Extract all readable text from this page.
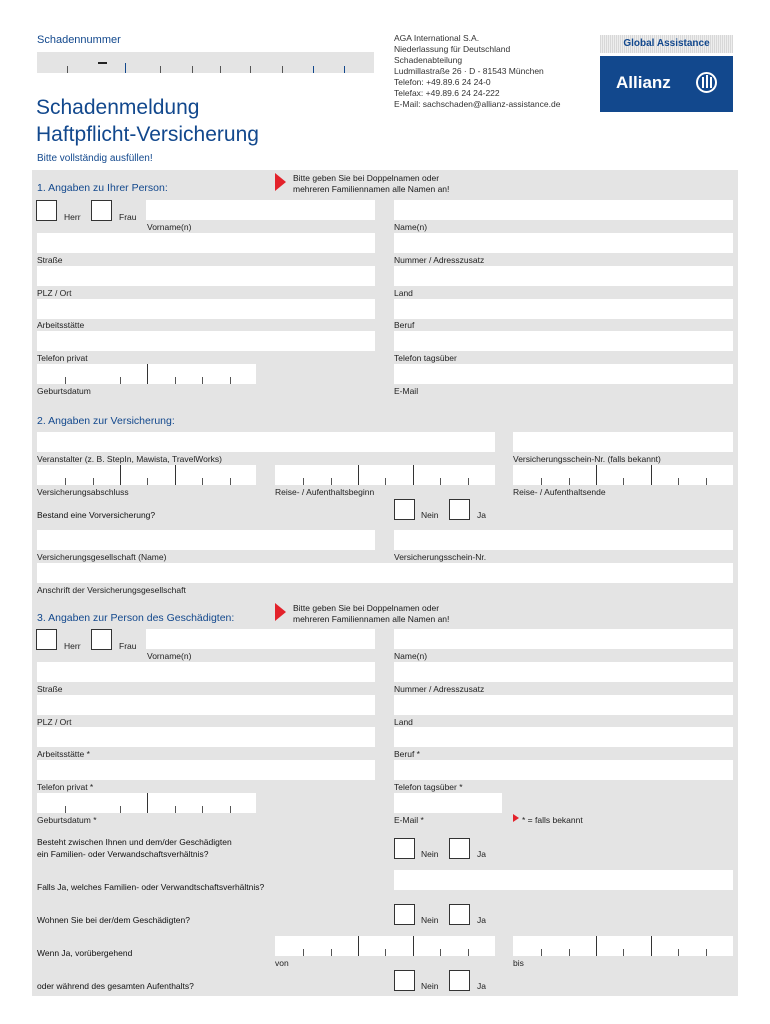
Schadennummer
Schadenmeldung
Haftpflicht-Versicherung
Bitte vollständig ausfüllen!
AGA International S.A.
Niederlassung für Deutschland
Schadenabteilung
Ludmillastraße 26 · D - 81543 München
Telefon: +49.89.6 24 24-0
Telefax: +49.89.6 24 24-222
E-Mail: sachschaden@allianz-assistance.de
Global Assistance
Allianz
1. Angaben zu Ihrer Person:
Bitte geben Sie bei Doppelnamen oder
mehreren Familiennamen alle Namen an!
Herr	Frau
Vorname(n)	Name(n)
Straße	Nummer / Adresszusatz
PLZ / Ort	Land
Arbeitsstätte	Beruf
Telefon privat	Telefon tagsüber
Geburtsdatum	E-Mail
2. Angaben zur Versicherung:
Veranstalter (z. B. StepIn, Mawista, TravelWorks)	Versicherungsschein-Nr. (falls bekannt)
Versicherungsabschluss	Reise- / Aufenthaltsbeginn	Reise- / Aufenthaltsende
Bestand eine Vorversicherung?	Nein	Ja
Versicherungsgesellschaft (Name)	Versicherungsschein-Nr.
Anschrift der Versicherungsgesellschaft
3. Angaben zur Person des Geschädigten:
Bitte geben Sie bei Doppelnamen oder
mehreren Familiennamen alle Namen an!
Herr	Frau
Vorname(n)	Name(n)
Straße	Nummer / Adresszusatz
PLZ / Ort	Land
Arbeitsstätte *	Beruf *
Telefon privat *	Telefon tagsüber *
Geburtsdatum *	E-Mail *	* = falls bekannt
Besteht zwischen Ihnen und dem/der Geschädigten
ein Familien- oder Verwandschaftsverhältnis?	Nein	Ja
Falls Ja, welches Familien- oder Verwandtschaftsverhältnis?
Wohnen Sie bei der/dem Geschädigten?	Nein	Ja
Wenn Ja, vorübergehend
von	bis
oder während des gesamten Aufenthalts?	Nein	Ja
